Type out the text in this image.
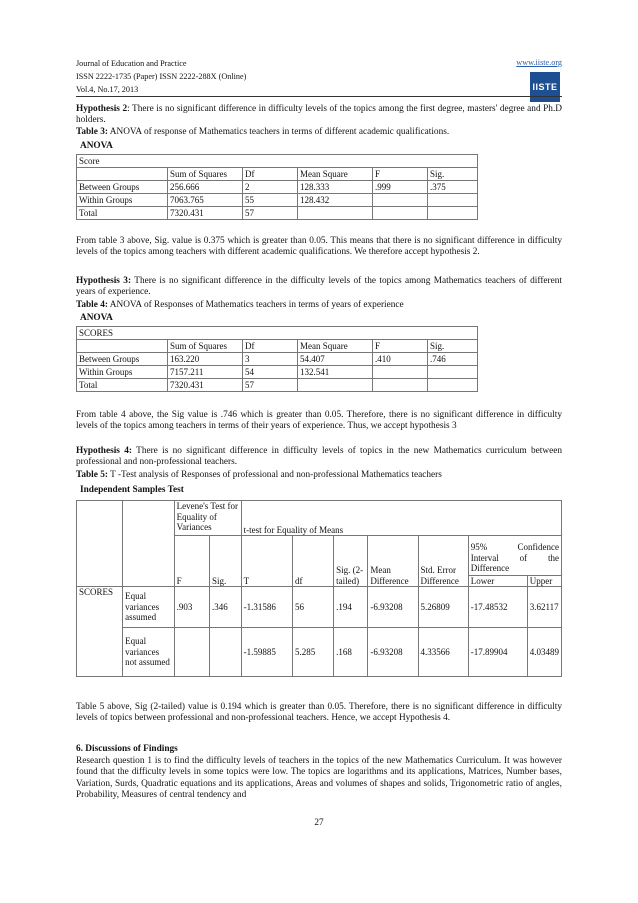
Journal of Education and Practice	www.iiste.org
ISSN 2222-1735 (Paper) ISSN 2222-288X (Online)
Vol.4, No.17, 2013	IISTE
Hypothesis 2: There is no significant difference in difficulty levels of the topics among the first degree, masters' degree and Ph.D holders.
Table 3: ANOVA of response of Mathematics teachers in terms of different academic qualifications.
ANOVA
Score					
	Sum of Squares	Df	Mean Square	F	Sig.
Between Groups	256.666	2	128.333	.999	.375
Within Groups	7063.765	55	128.432		
Total	7320.431	57			
From table 3 above, Sig. value is 0.375 which is greater than 0.05. This means that there is no significant difference in difficulty levels of the topics among teachers with different academic qualifications. We therefore accept hypothesis 2.
Hypothesis 3: There is no significant difference in the difficulty levels of the topics among Mathematics teachers of different years of experience.
Table 4: ANOVA of Responses of Mathematics teachers in terms of years of experience
ANOVA
SCORES					
	Sum of Squares	Df	Mean Square	F	Sig.
Between Groups	163.220	3	54.407	.410	.746
Within Groups	7157.211	54	132.541		
Total	7320.431	57			
From table 4 above, the Sig value is .746 which is greater than 0.05. Therefore, there is no significant difference in difficulty levels of the topics among teachers in terms of their years of experience. Thus, we accept hypothesis 3
Hypothesis 4: There is no significant difference in difficulty levels of topics in the new Mathematics curriculum between professional and non-professional teachers.
Table 5: T -Test analysis of Responses of professional and non-professional Mathematics teachers
Independent Samples Test
		Levene's Test for Equality of Variances		t-test for Equality of Means					
		F	Sig.	T	df	Sig. (2-tailed)	Mean Difference	Std. Error Difference	95% Confidence Interval of the Difference
Lower Upper

SCORES	Equal variances assumed	.903	.346	-1.31586	56	.194	-6.93208	5.26809	-17.48532 3.62117

	Equal variances not assumed			-1.59885	5.285	.168	-6.93208	4.33566	-17.89904 4.03489
Table 5 above, Sig (2-tailed) value is 0.194 which is greater than 0.05. Therefore, there is no significant difference in difficulty levels of topics between professional and non-professional teachers. Hence, we accept Hypothesis 4.
6. Discussions of Findings
Research question 1 is to find the difficulty levels of teachers in the topics of the new Mathematics Curriculum. It was however found that the difficulty levels in some topics were low. The topics are logarithms and its applications, Matrices, Number bases, Variation, Surds, Quadratic equations and its applications, Areas and volumes of shapes and solids, Trigonometric ratio of angles, Probability, Measures of central tendency and
27
